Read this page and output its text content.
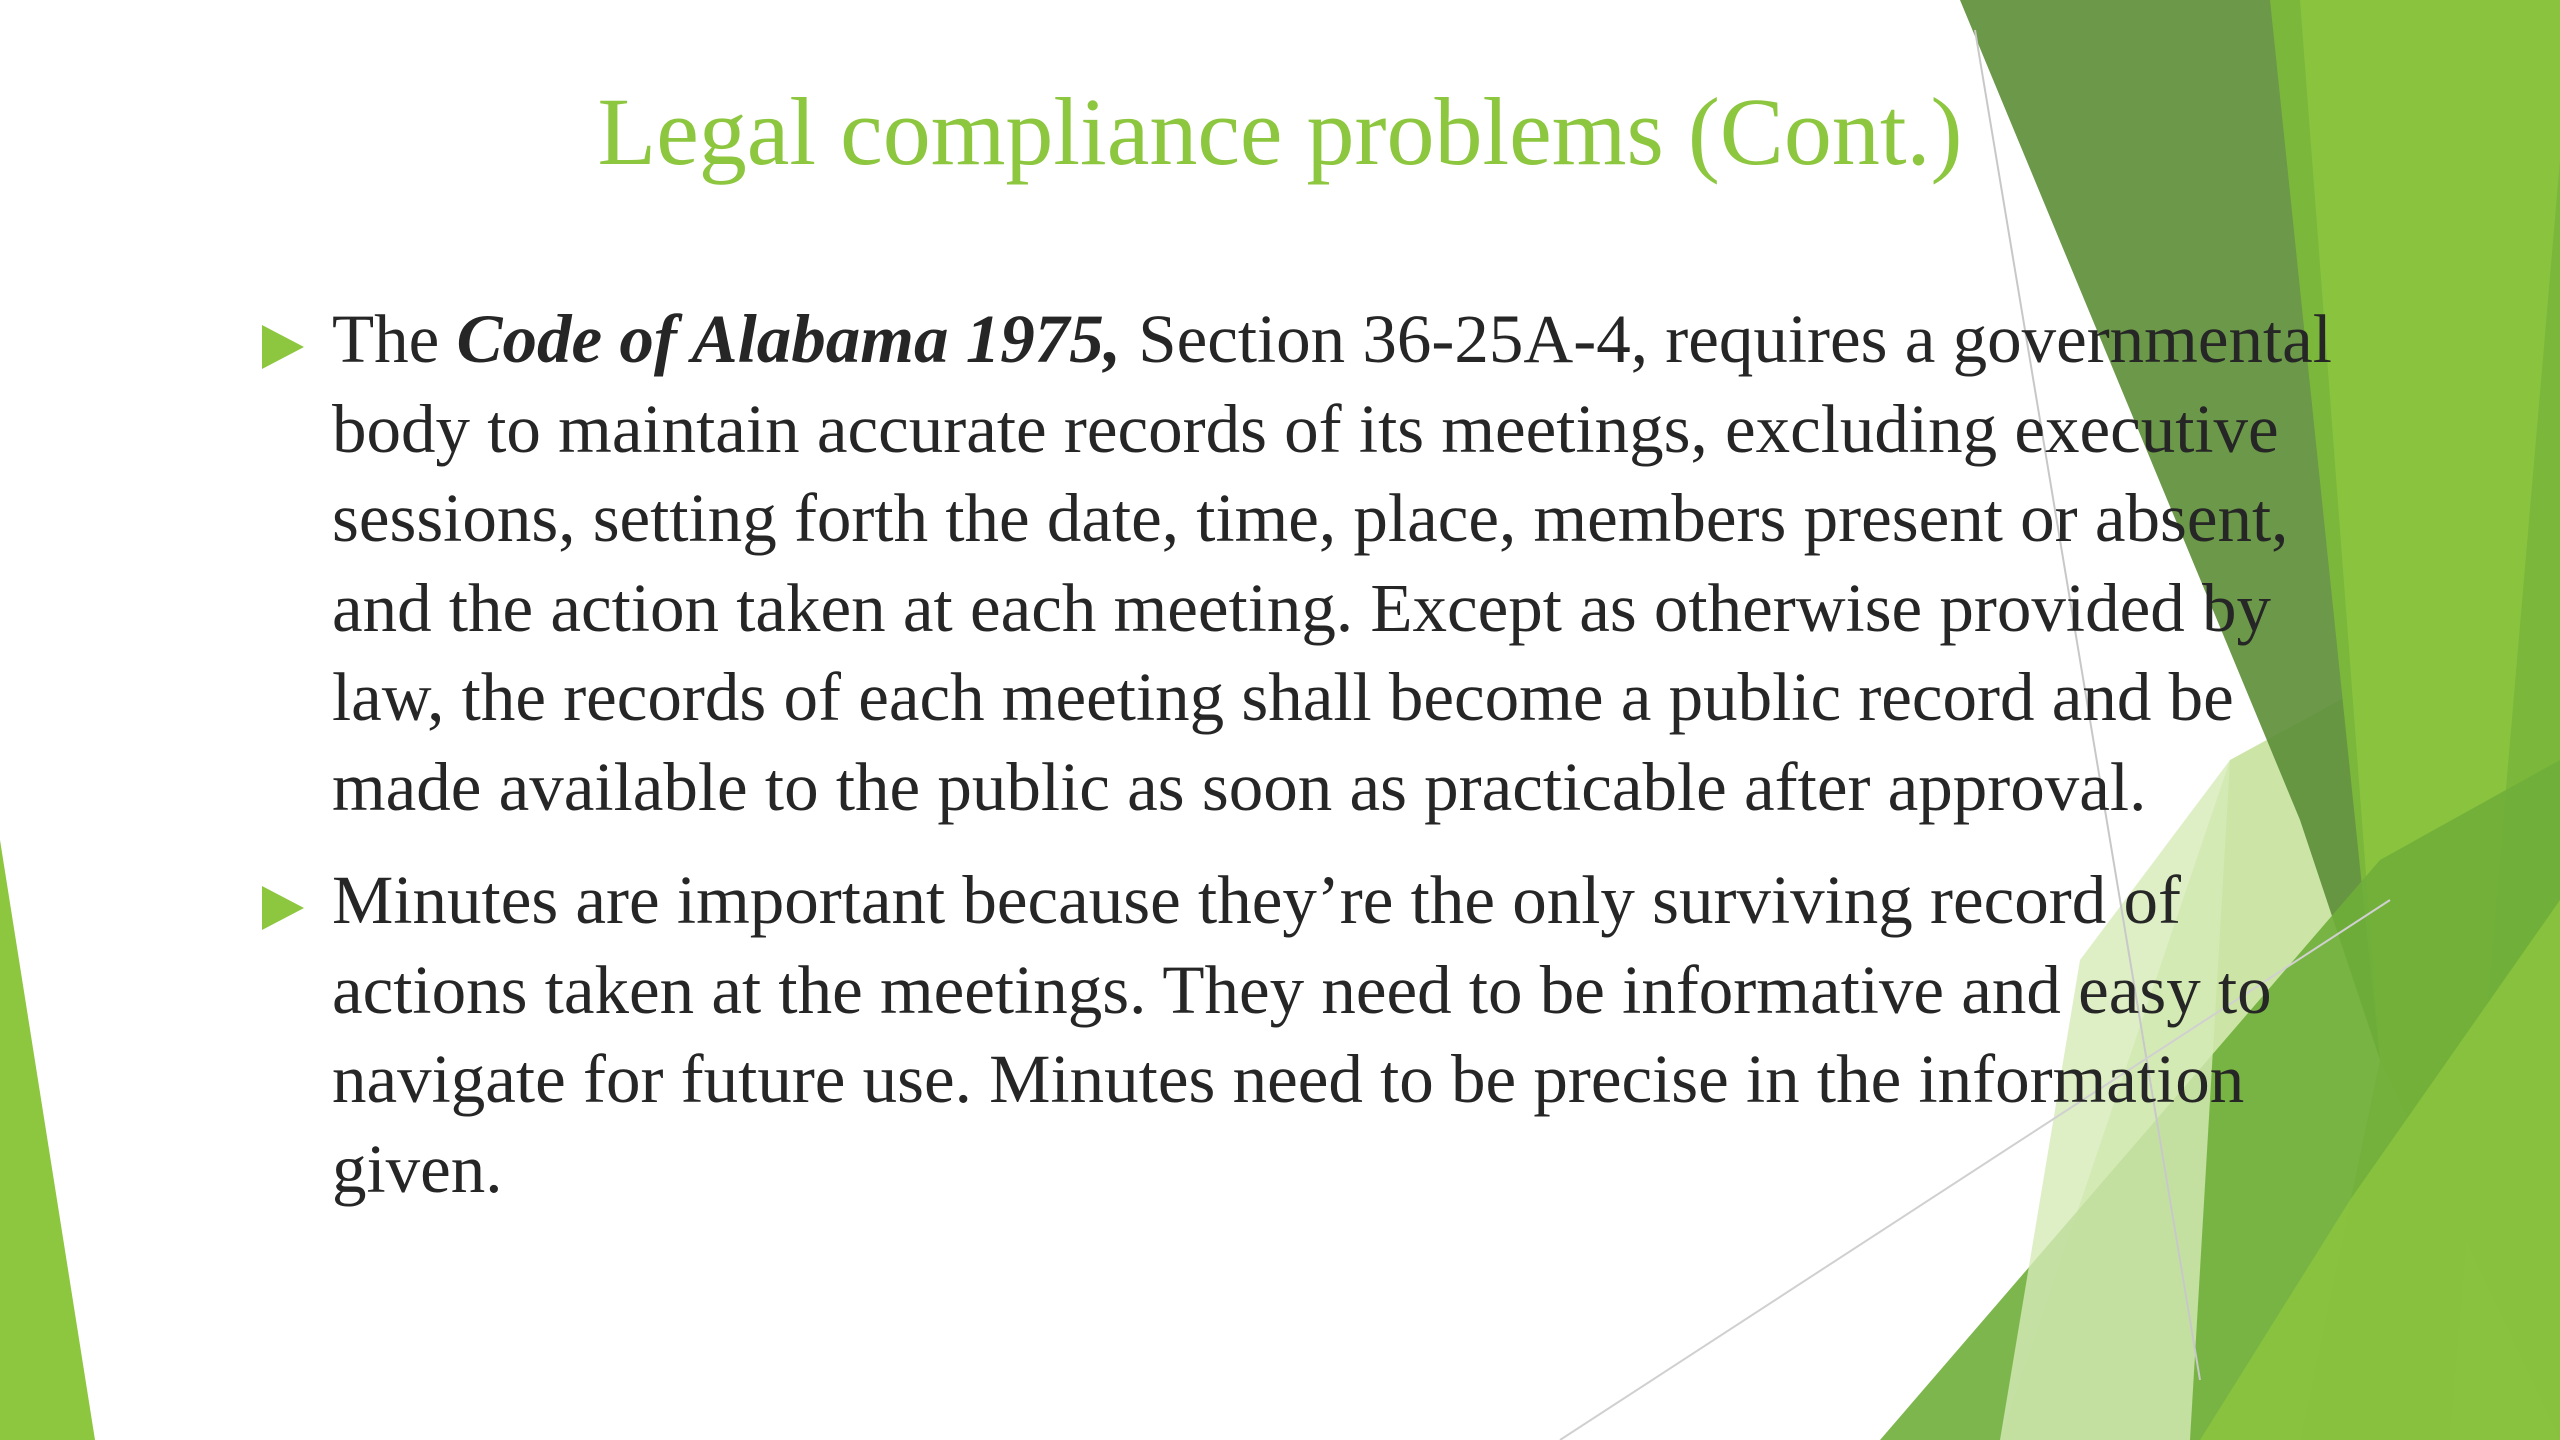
Legal compliance problems (Cont.)
The Code of Alabama 1975, Section 36-25A-4, requires a governmental body to maintain accurate records of its meetings, excluding executive sessions, setting forth the date, time, place, members present or absent, and the action taken at each meeting. Except as otherwise provided by law, the records of each meeting shall become a public record and be made available to the public as soon as practicable after approval.
Minutes are important because they’re the only surviving record of actions taken at the meetings. They need to be informative and easy to navigate for future use. Minutes need to be precise in the information given.
